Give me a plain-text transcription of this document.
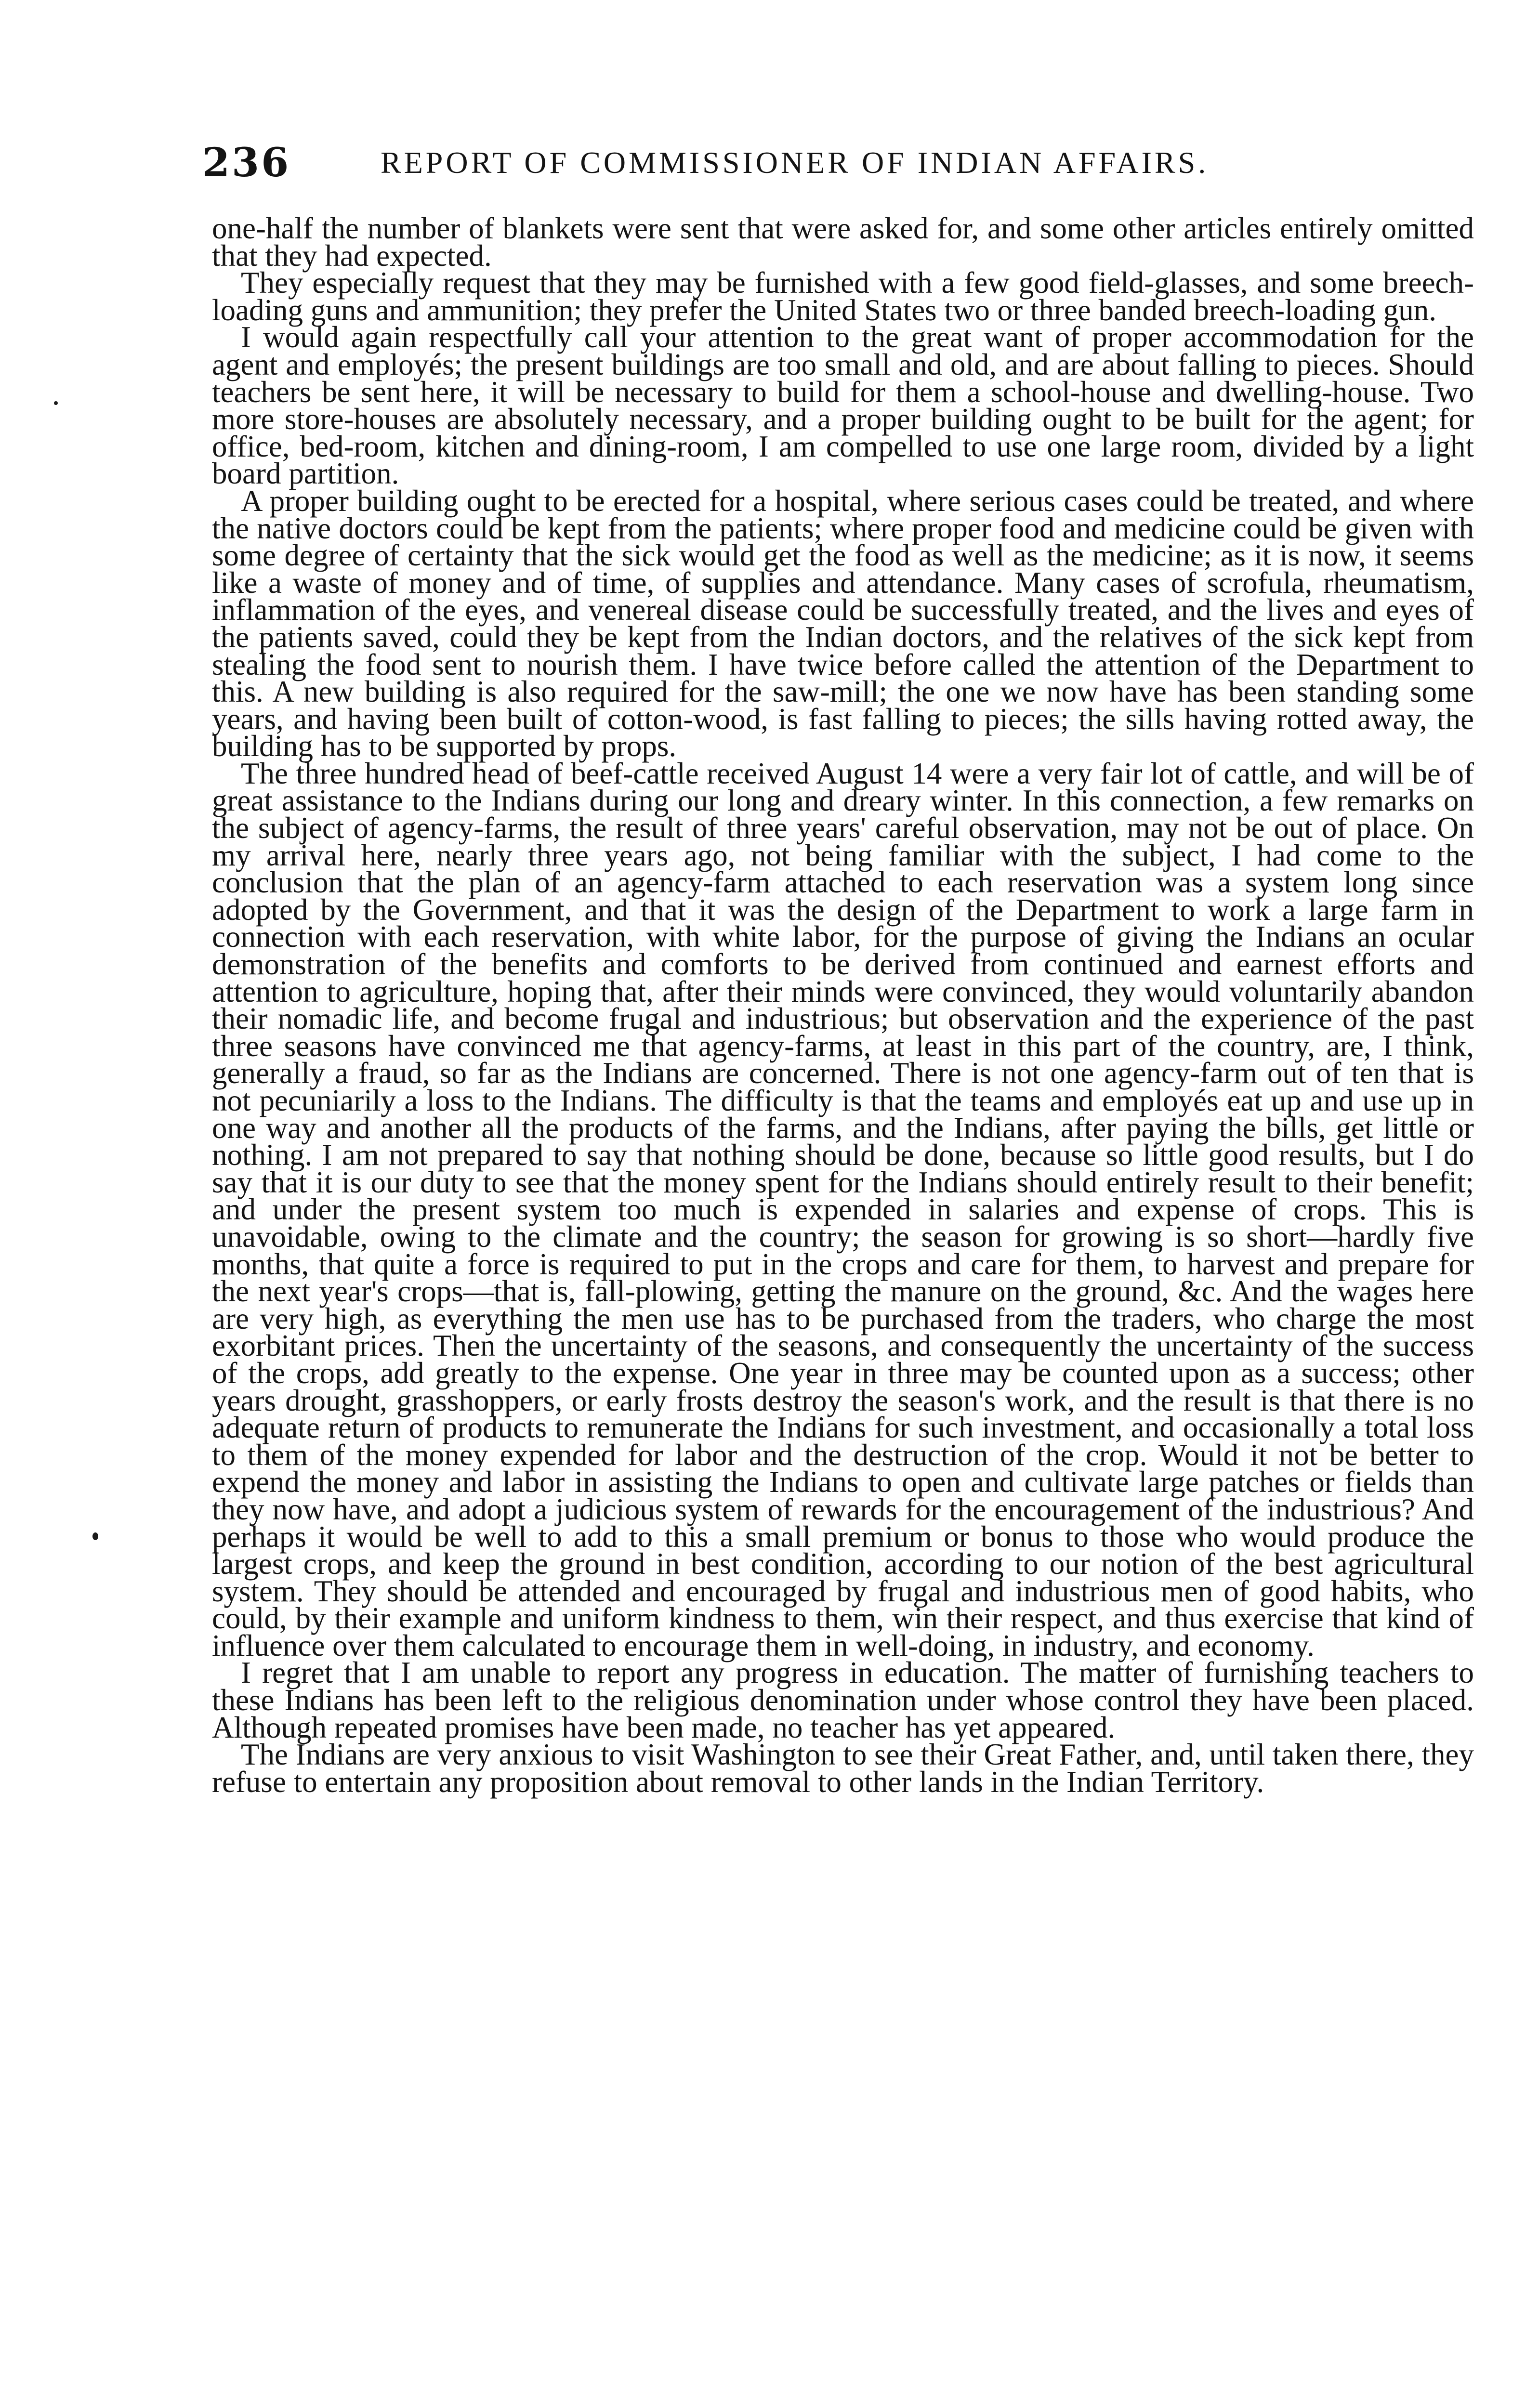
236	REPORT OF COMMISSIONER OF INDIAN AFFAIRS.

one-half the number of blankets were sent that were asked for, and some other articles entirely omitted that they had expected.

They especially request that they may be furnished with a few good field-glasses, and some breech-loading guns and ammunition; they prefer the United States two or three banded breech-loading gun.

I would again respectfully call your attention to the great want of proper accommodation for the agent and employés; the present buildings are too small and old, and are about falling to pieces. Should teachers be sent here, it will be necessary to build for them a school-house and dwelling-house. Two more store-houses are absolutely necessary, and a proper building ought to be built for the agent; for office, bed-room, kitchen and dining-room, I am compelled to use one large room, divided by a light board partition.

A proper building ought to be erected for a hospital, where serious cases could be treated, and where the native doctors could be kept from the patients; where proper food and medicine could be given with some degree of certainty that the sick would get the food as well as the medicine; as it is now, it seems like a waste of money and of time, of supplies and attendance. Many cases of scrofula, rheumatism, inflammation of the eyes, and venereal disease could be successfully treated, and the lives and eyes of the patients saved, could they be kept from the Indian doctors, and the relatives of the sick kept from stealing the food sent to nourish them. I have twice before called the attention of the Department to this. A new building is also required for the saw-mill; the one we now have has been standing some years, and having been built of cotton-wood, is fast falling to pieces; the sills having rotted away, the building has to be supported by props.

The three hundred head of beef-cattle received August 14 were a very fair lot of cattle, and will be of great assistance to the Indians during our long and dreary winter. In this connection, a few remarks on the subject of agency-farms, the result of three years' careful observation, may not be out of place. On my arrival here, nearly three years ago, not being familiar with the subject, I had come to the conclusion that the plan of an agency-farm attached to each reservation was a system long since adopted by the Government, and that it was the design of the Department to work a large farm in connection with each reservation, with white labor, for the purpose of giving the Indians an ocular demonstration of the benefits and comforts to be derived from continued and earnest efforts and attention to agriculture, hoping that, after their minds were convinced, they would voluntarily abandon their nomadic life, and become frugal and industrious; but observation and the experience of the past three seasons have convinced me that agency-farms, at least in this part of the country, are, I think, generally a fraud, so far as the Indians are concerned. There is not one agency-farm out of ten that is not pecuniarily a loss to the Indians. The difficulty is that the teams and employés eat up and use up in one way and another all the products of the farms, and the Indians, after paying the bills, get little or nothing. I am not prepared to say that nothing should be done, because so little good results, but I do say that it is our duty to see that the money spent for the Indians should entirely result to their benefit; and under the present system too much is expended in salaries and expense of crops. This is unavoidable, owing to the climate and the country; the season for growing is so short—hardly five months, that quite a force is required to put in the crops and care for them, to harvest and prepare for the next year's crops—that is, fall-plowing, getting the manure on the ground, &c. And the wages here are very high, as everything the men use has to be purchased from the traders, who charge the most exorbitant prices. Then the uncertainty of the seasons, and consequently the uncertainty of the success of the crops, add greatly to the expense. One year in three may be counted upon as a success; other years drought, grasshoppers, or early frosts destroy the season's work, and the result is that there is no adequate return of products to remunerate the Indians for such investment, and occasionally a total loss to them of the money expended for labor and the destruction of the crop. Would it not be better to expend the money and labor in assisting the Indians to open and cultivate large patches or fields than they now have, and adopt a judicious system of rewards for the encouragement of the industrious? And perhaps it would be well to add to this a small premium or bonus to those who would produce the largest crops, and keep the ground in best condition, according to our notion of the best agricultural system. They should be attended and encouraged by frugal and industrious men of good habits, who could, by their example and uniform kindness to them, win their respect, and thus exercise that kind of influence over them calculated to encourage them in well-doing, in industry, and economy.

I regret that I am unable to report any progress in education. The matter of furnishing teachers to these Indians has been left to the religious denomination under whose control they have been placed. Although repeated promises have been made, no teacher has yet appeared.

The Indians are very anxious to visit Washington to see their Great Father, and, until taken there, they refuse to entertain any proposition about removal to other lands in the Indian Territory.
